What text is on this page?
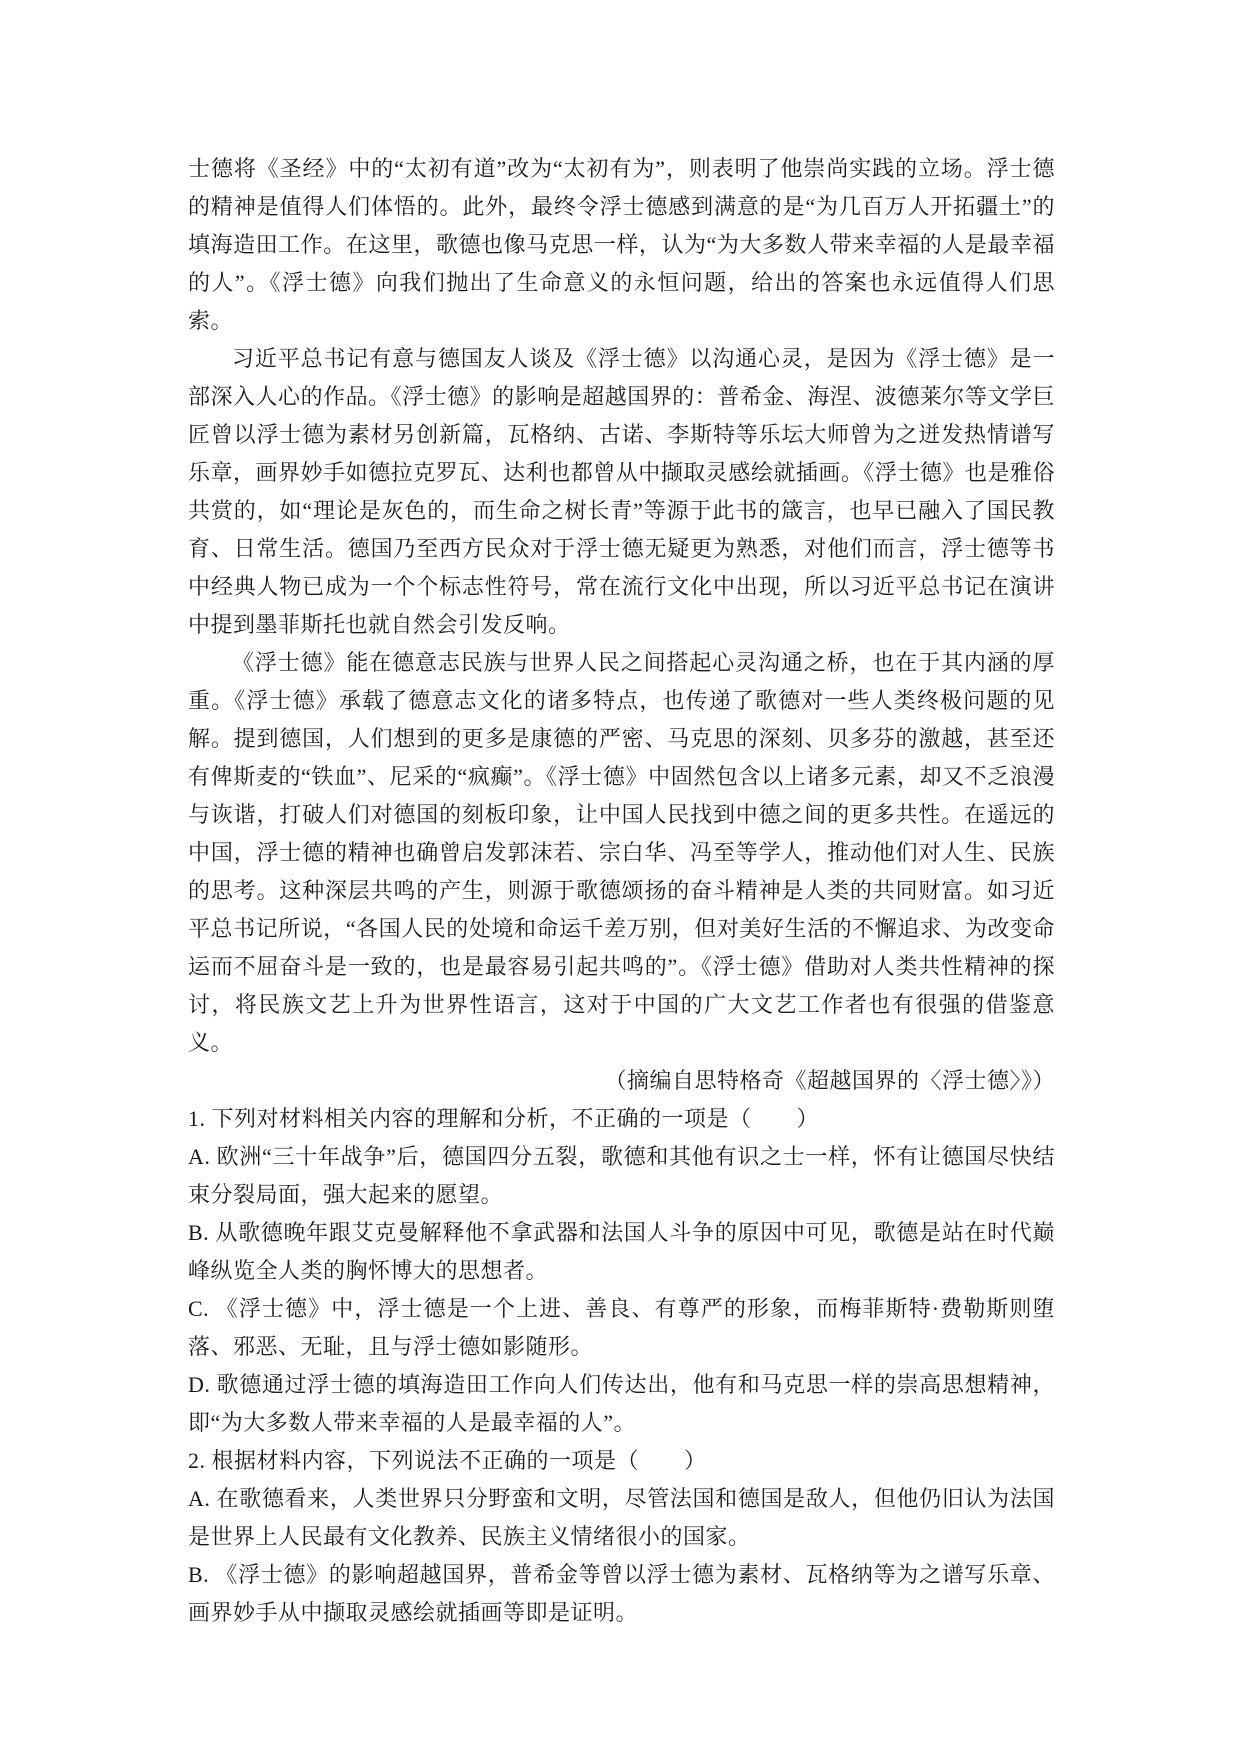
士德将《圣经》中的“太初有道”改为“太初有为”，则表明了他崇尚实践的立场。浮士德的精神是值得人们体悟的。此外，最终令浮士德感到满意的是“为几百万人开拓疆土”的填海造田工作。在这里，歌德也像马克思一样，认为“为大多数人带来幸福的人是最幸福的人”。《浮士德》向我们抛出了生命意义的永恒问题，给出的答案也永远值得人们思索。

习近平总书记有意与德国友人谈及《浮士德》以沟通心灵，是因为《浮士德》是一部深入人心的作品。《浮士德》的影响是超越国界的：普希金、海涅、波德莱尔等文学巨匠曾以浮士德为素材另创新篇，瓦格纳、古诺、李斯特等乐坛大师曾为之迸发热情谱写乐章，画界妙手如德拉克罗瓦、达利也都曾从中撷取灵感绘就插画。《浮士德》也是雅俗共赏的，如“理论是灰色的，而生命之树长青”等源于此书的箴言，也早已融入了国民教育、日常生活。德国乃至西方民众对于浮士德无疑更为熟悉，对他们而言，浮士德等书中经典人物已成为一个个标志性符号，常在流行文化中出现，所以习近平总书记在演讲中提到墨菲斯托也就自然会引发反响。

《浮士德》能在德意志民族与世界人民之间搭起心灵沟通之桥，也在于其内涵的厚重。《浮士德》承载了德意志文化的诸多特点，也传递了歌德对一些人类终极问题的见解。提到德国，人们想到的更多是康德的严密、马克思的深刻、贝多芬的激越，甚至还有俾斯麦的“铁血”、尼采的“疯癫”。《浮士德》中固然包含以上诸多元素，却又不乏浪漫与诙谐，打破人们对德国的刻板印象，让中国人民找到中德之间的更多共性。在遥远的中国，浮士德的精神也确曾启发郭沫若、宗白华、冯至等学人，推动他们对人生、民族的思考。这种深层共鸣的产生，则源于歌德颂扬的奋斗精神是人类的共同财富。如习近平总书记所说，“各国人民的处境和命运千差万别，但对美好生活的不懈追求、为改变命运而不屈奋斗是一致的，也是最容易引起共鸣的”。《浮士德》借助对人类共性精神的探讨，将民族文艺上升为世界性语言，这对于中国的广大文艺工作者也有很强的借鉴意义。

（摘编自思特格奇《超越国界的〈浮士德〉》）

1. 下列对材料相关内容的理解和分析，不正确的一项是（　　）

A. 欧洲“三十年战争”后，德国四分五裂，歌德和其他有识之士一样，怀有让德国尽快结束分裂局面，强大起来的愿望。

B. 从歌德晚年跟艾克曼解释他不拿武器和法国人斗争的原因中可见，歌德是站在时代巅峰纵览全人类的胸怀博大的思想者。

C. 《浮士德》中，浮士德是一个上进、善良、有尊严的形象，而梅菲斯特·费勒斯则堕落、邪恶、无耻，且与浮士德如影随形。

D. 歌德通过浮士德的填海造田工作向人们传达出，他有和马克思一样的崇高思想精神，即“为大多数人带来幸福的人是最幸福的人”。

2. 根据材料内容，下列说法不正确的一项是（　　）

A. 在歌德看来，人类世界只分野蛮和文明，尽管法国和德国是敌人，但他仍旧认为法国是世界上人民最有文化教养、民族主义情绪很小的国家。

B. 《浮士德》的影响超越国界，普希金等曾以浮士德为素材、瓦格纳等为之谱写乐章、画界妙手从中撷取灵感绘就插画等即是证明。
